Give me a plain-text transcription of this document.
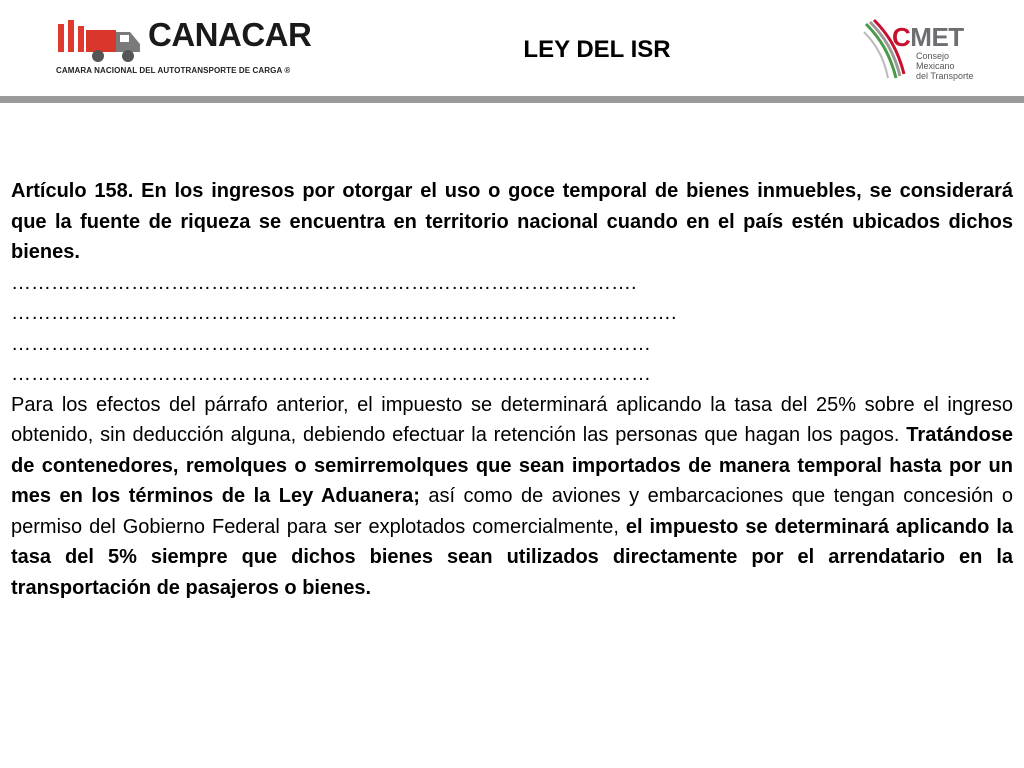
CANACAR
CAMARA NACIONAL DEL AUTOTRANSPORTE DE CARGA ®
LEY DEL ISR	CMET
Consejo
Mexicano
del Transporte

Artículo 158. En los ingresos por otorgar el uso o goce temporal de bienes inmuebles, se considerará que la fuente de riqueza se encuentra en territorio nacional cuando en el país estén ubicados dichos bienes.

………………………………………………………………………………….
……………………………………………………………………………………….
……………………………………………………………………………………
……………………………………………………………………………………

Para los efectos del párrafo anterior, el impuesto se determinará aplicando la tasa del 25% sobre el ingreso obtenido, sin deducción alguna, debiendo efectuar la retención las personas que hagan los pagos. Tratándose de contenedores, remolques o semirremolques que sean importados de manera temporal hasta por un mes en los términos de la Ley Aduanera; así como de aviones y embarcaciones que tengan concesión o permiso del Gobierno Federal para ser explotados comercialmente, el impuesto se determinará aplicando la tasa del 5% siempre que dichos bienes sean utilizados directamente por el arrendatario en la transportación de pasajeros o bienes.
